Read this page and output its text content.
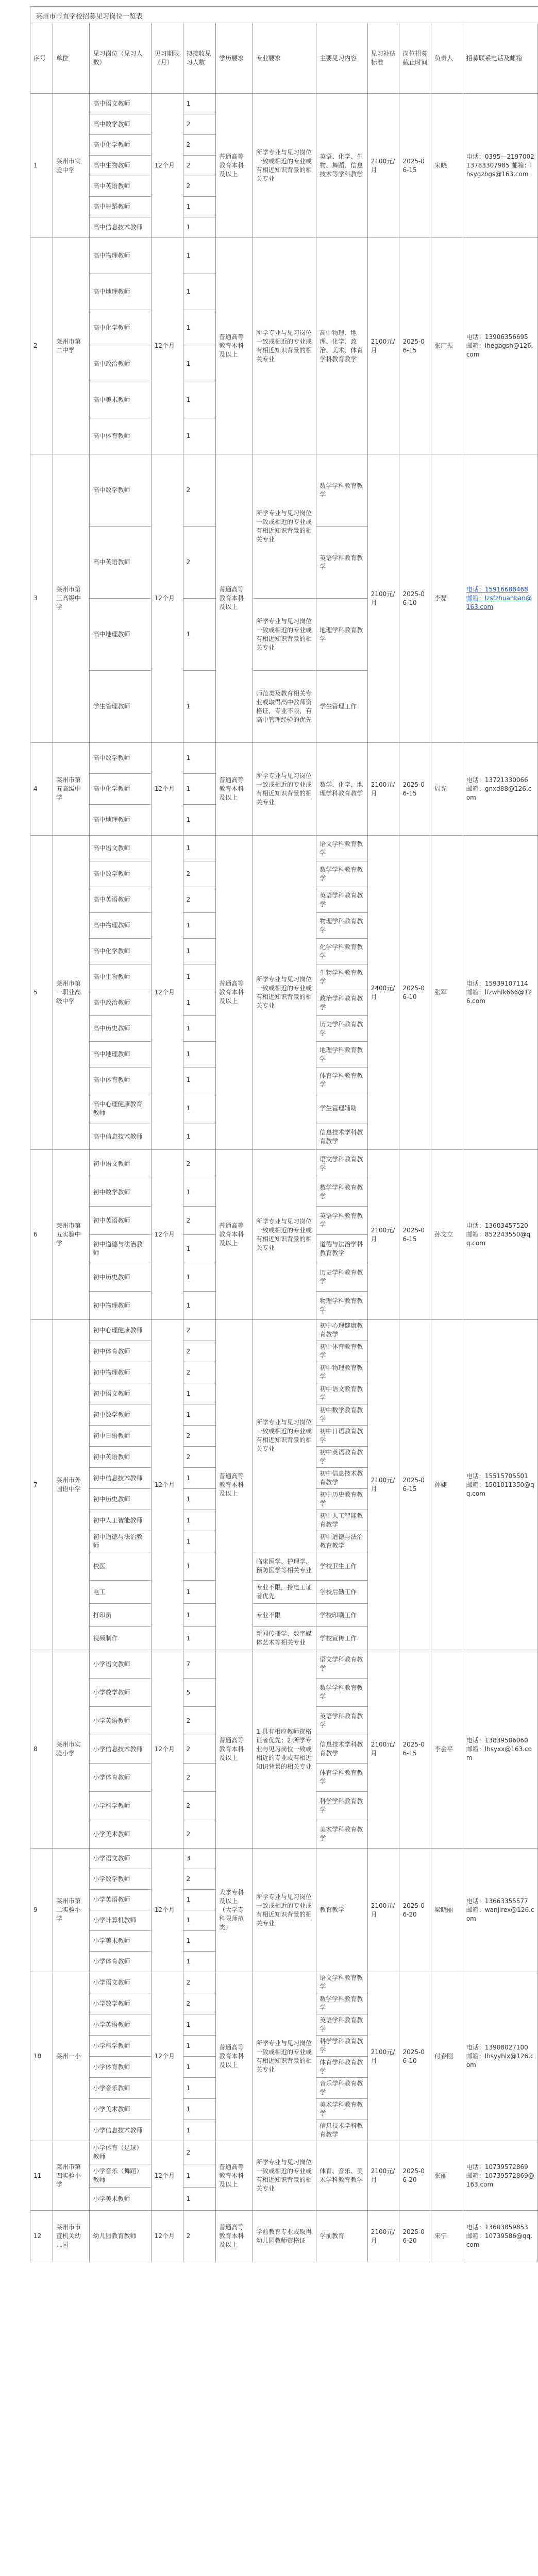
莱州市市直学校招募见习岗位一览表
序号	单位	见习岗位（见习人数）	见习期限（月）	拟接收见习人数	学历要求	专业要求	主要见习内容	见习补贴标准	岗位招募截止时间	负责人	招募联系电话及邮箱
1	莱州市实验中学	高中语文教师	12个月	1	普通高等教育本科及以上	所学专业与见习岗位一致或相近的专业或有相近知识背景的相关专业	英语、化学、生物、舞蹈、信息技术等学科教学	2100元/月	2025-06-15	宋晓	电话：0395—2197002 13783307985 邮箱：lhsygzbgs@163.com
		高中数学教师		2							
		高中化学教师		2							
		高中生物教师		2							
		高中英语教师		2							
		高中舞蹈教师		1							
		高中信息技术教师		1							
2	莱州市第二中学	高中物理教师	12个月	1	普通高等教育本科及以上	所学专业与见习岗位一致或相近的专业或有相近知识背景的相关专业	高中物理、地理、化学、政治、美术、体育学科教育教学	2100元/月	2025-06-15	张广振	电话：13906356695 邮箱：lhegbgsh@126.com
		高中地理教师		1							
		高中化学教师		1							
		高中政治教师		1							
		高中美术教师		1							
		高中体育教师		1							
3	莱州市第三高级中学	高中数学教师	12个月	2	普通高等教育本科及以上	所学专业与见习岗位一致或相近的专业或有相近知识背景的相关专业	数学学科教育教学	2100元/月	2025-06-10	李磊	电话：15916688468 邮箱：lzsfzhuanban@163.com
		高中英语教师		2			英语学科教育教学				
		高中地理教师		1		所学专业与见习岗位一致或相近的专业或有相近知识背景的相关专业	地理学科教育教学				
		学生管理教师		1		师范类及教育相关专业或取得高中教师资格证，专业不限，有高中管理经验的优先	学生管理工作				
4	莱州市第五高级中学	高中数学教师	12个月	1	普通高等教育本科及以上	所学专业与见习岗位一致或相近的专业或有相近知识背景的相关专业	数学、化学、地理学科教育教学	2100元/月	2025-06-15	周光	电话：13721330066 邮箱：gnxd88@126.com
		高中化学教师		1							
		高中地理教师		1							
5	莱州市第一职业高级中学	高中语文教师	12个月	1	普通高等教育本科及以上	所学专业与见习岗位一致或相近的专业或有相近知识背景的相关专业	语文学科教育教学	2400元/月	2025-06-10	张军	电话：15939107114 邮箱：lfzwhlk666@126.com
		高中数学教师		2			数学学科教育教学				
		高中英语教师		2			英语学科教育教学				
		高中物理教师		1			物理学科教育教学				
		高中化学教师		1			化学学科教育教学				
		高中生物教师		1			生物学科教育教学				
		高中政治教师		1			政治学科教育教学				
		高中历史教师		1			历史学科教育教学				
		高中地理教师		1			地理学科教育教学				
		高中体育教师		1			体育学科教育教学				
		高中心理健康教育教师		1			学生管理辅助				
		高中信息技术教师		1			信息技术学科教育教学				
6	莱州市第五实验中学	初中语文教师	12个月	2	普通高等教育本科及以上	所学专业与见习岗位一致或相近的专业或有相近知识背景的相关专业	语文学科教育教学	2100元/月	2025-06-15	孙文立	电话：13603457520 邮箱：852243550@qq.com
		初中数学教师		1			数学学科教育教学				
		初中英语教师		2			英语学科教育教学				
		初中道德与法治教师		1			道德与法治学科教育教学				
		初中历史教师		1			历史学科教育教学				
		初中物理教师		1			物理学科教育教学				
7	莱州市外国语中学	初中心理健康教师	12个月	2	普通高等教育本科及以上	所学专业与见习岗位一致或相近的专业或有相近知识背景的相关专业	初中心理健康教育教学	2100元/月	2025-06-15	孙婕	电话：15515705501 邮箱：1501011350@qq.com
		初中体育教师		2			初中体育教育教学				
		初中物理教师		2			初中物理教育教学				
		初中语文教师		1			初中语文教育教学				
		初中数学教师		1			初中数学教育教学				
		初中日语教师		2			初中日语教育教学				
		初中英语教师		2			初中英语教育教学				
		初中信息技术教师		1			初中信息技术教育教学				
		初中历史教师		1			初中历史教育教学				
		初中人工智能教师		1			初中人工智能教育教学				
		初中道德与法治教师		1			初中道德与法治教育教学				
		校医		1		临床医学、护理学、预防医学等相关专业	学校卫生工作				
		电工		1		专业不限，持电工证者优先	学校后勤工作				
		打印员		1		专业不限	学校印刷工作				
		视频制作		1		新闻传播学、数字媒体艺术等相关专业	学校宣传工作				
8	莱州市实验小学	小学语文教师	12个月	7	普通高等教育本科及以上	1.具有相应教师资格证者优先；2.所学专业与见习岗位一致或相近的专业或有相近知识背景的相关专业	语文学科教育教学	2100元/月	2025-06-15	李会平	电话：13839506060 邮箱：lhsyxx@163.com
		小学数学教师		5			数学学科教育教学				
		小学英语教师		2			英语学科教育教学				
		小学信息技术教师		2			信息技术学科教育教学				
		小学体育教师		2			体育学科教育教学				
		小学科学教师		2			科学学科教育教学				
		小学美术教师		2			美术学科教育教学				
9	莱州市第二实验小学	小学语文教师	12个月	3	大学专科及以上（大学专科限师范类）	所学专业与见习岗位一致或相近的专业或有相近知识背景的相关专业	教育教学	2100元/月	2025-06-20	梁晓丽	电话：13663355577 邮箱：wanjlrex@126.com
		小学数学教师		2							
		小学英语教师		1							
		小学计算机教师		1							
		小学美术教师		1							
		小学体育教师		1							
10	莱州一小	小学语文教师	12个月	2	普通高等教育本科及以上	所学专业与见习岗位一致或相近的专业或有相近知识背景的相关专业	语文学科教育教学	2100元/月	2025-06-10	付春刚	电话：13908027100 邮箱：lhsyyhlx@126.com
		小学数学教师		2			数学学科教育教学				
		小学英语教师		1			英语学科教育教学				
		小学科学教师		1			科学学科教育教学				
		小学体育教师		1			体育学科教育教学				
		小学音乐教师		1			音乐学科教育教学				
		小学美术教师		1			美术学科教育教学				
		小学信息技术教师		1			信息技术学科教育教学				
11	莱州市第四实验小学	小学体育（足球）教师	12个月	2	普通高等教育本科及以上	所学专业与见习岗位一致或相近的专业或有相近知识背景的相关专业	体育、音乐、美术学科教育教学	2100元/月	2025-06-20	张丽	电话：10739572869 邮箱：10739572869@163.com
		小学音乐（舞蹈）教师		1							
		小学美术教师		1							
12	莱州市市直机关幼儿园	幼儿园教育教师	12个月	2	普通高等教育本科及以上	学前教育专业或取得幼儿园教师资格证	学前教育	2100元/月	2025-06-20	宋宁	电话：13603859853 邮箱：10739586@qq.com
